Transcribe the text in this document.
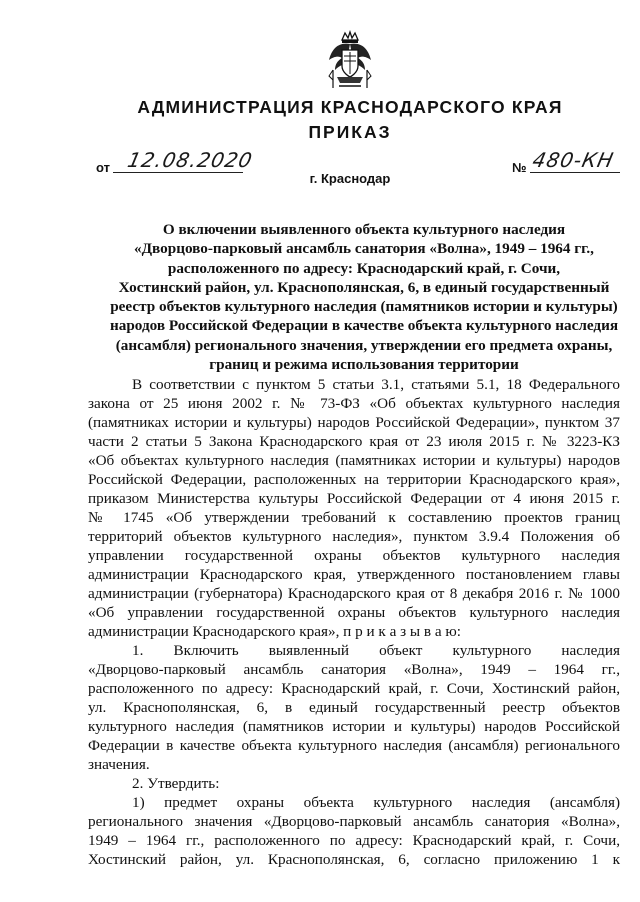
АДМИНИСТРАЦИЯ КРАСНОДАРСКОГО КРАЯ
ПРИКАЗ
от 12.08.2020	№ 480-КН
г. Краснодар
О включении выявленного объекта культурного наследия
«Дворцово-парковый ансамбль санатория «Волна», 1949 – 1964 гг.,
расположенного по адресу: Краснодарский край, г. Сочи,
Хостинский район, ул. Краснополянская, 6, в единый государственный
реестр объектов культурного наследия (памятников истории и культуры)
народов Российской Федерации в качестве объекта культурного наследия
(ансамбля) регионального значения, утверждении его предмета охраны,
границ и режима использования территории
В соответствии с пунктом 5 статьи 3.1, статьями 5.1, 18 Федерального
закона от 25 июня 2002 г. № 73-ФЗ «Об объектах культурного наследия
(памятниках истории и культуры) народов Российской Федерации», пунктом 37
части 2 статьи 5 Закона Краснодарского края от 23 июля 2015 г. № 3223-КЗ
«Об объектах культурного наследия (памятниках истории и культуры) народов
Российской Федерации, расположенных на территории Краснодарского края»,
приказом Министерства культуры Российской Федерации от 4 июня 2015 г.
№ 1745 «Об утверждении требований к составлению проектов границ
территорий объектов культурного наследия», пунктом 3.9.4 Положения об
управлении государственной охраны объектов культурного наследия
администрации Краснодарского края, утвержденного постановлением главы
администрации (губернатора) Краснодарского края от 8 декабря 2016 г. № 1000
«Об управлении государственной охраны объектов культурного наследия
администрации Краснодарского края», п р и к а з ы в а ю:
1. Включить выявленный объект культурного наследия
«Дворцово-парковый ансамбль санатория «Волна», 1949 – 1964 гг.,
расположенного по адресу: Краснодарский край, г. Сочи, Хостинский район,
ул. Краснополянская, 6, в единый государственный реестр объектов
культурного наследия (памятников истории и культуры) народов Российской
Федерации в качестве объекта культурного наследия (ансамбля) регионального
значения.
2. Утвердить:
1) предмет охраны объекта культурного наследия (ансамбля)
регионального значения «Дворцово-парковый ансамбль санатория «Волна»,
1949 – 1964 гг., расположенного по адресу: Краснодарский край, г. Сочи,
Хостинский район, ул. Краснополянская, 6, согласно приложению 1 к
